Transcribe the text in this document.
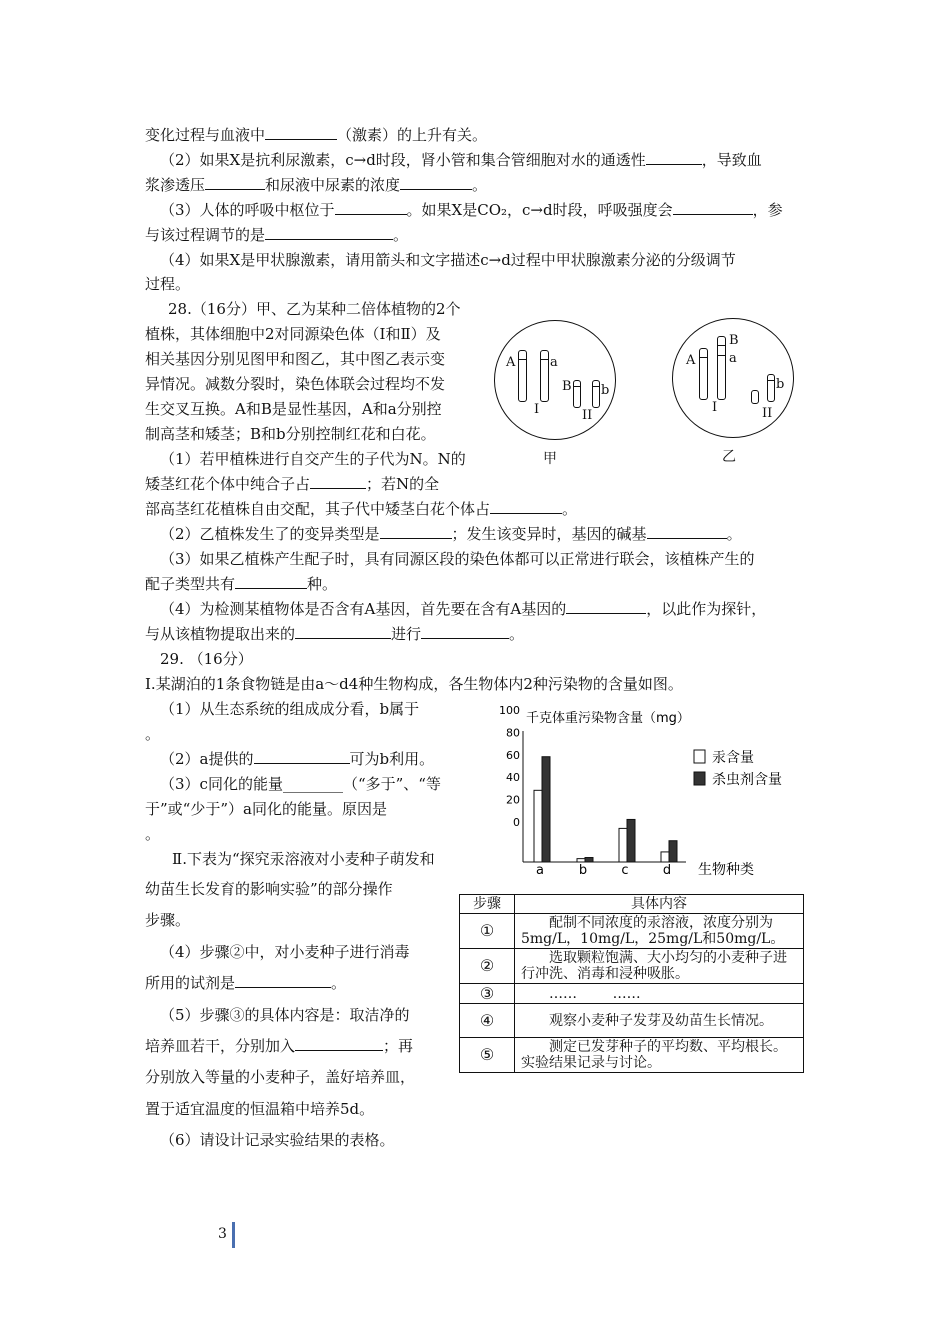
变化过程与血液中	（激素）的上升有关。
（2）如果X是抗利尿激素，c→d时段，肾小管和集合管细胞对水的通透性	，导致血
浆渗透压	和尿液中尿素的浓度	。
（3）人体的呼吸中枢位于	。如果X是CO₂，c→d时段，呼吸强度会	，参
与该过程调节的是	。
（4）如果X是甲状腺激素，请用箭头和文字描述c→d过程中甲状腺激素分泌的分级调节
过程。
28.（16分）甲、乙为某种二倍体植物的2个
植株，其体细胞中2对同源染色体（Ⅰ和Ⅱ）及
相关基因分别见图甲和图乙，其中图乙表示变
异情况。减数分裂时，染色体联会过程均不发
生交叉互换。A和B是显性基因，A和a分别控
制高茎和矮茎；B和b分别控制红花和白花。
（1）若甲植株进行自交产生的子代为N。N的
矮茎红花个体中纯合子占	；若N的全
部高茎红花植株自由交配，其子代中矮茎白花个体占	。
（2）乙植株发生了的变异类型是	；发生该变异时，基因的碱基	。
（3）如果乙植株产生配子时，具有同源区段的染色体都可以正常进行联会，该植株产生的
配子类型共有	种。
（4）为检测某植物体是否含有A基因，首先要在含有A基因的	，以此作为探针，
与从该植物提取出来的	进行	。
A	a
B b
I	II
甲
A
B
a
b
I	II
乙
29. （16分）
Ⅰ.某湖泊的1条食物链是由a～d4种生物构成，各生物体内2种污染物的含量如图。
（1）从生态系统的组成成分看，b属于
。
（2）a提供的	可为b利用。
（3）c同化的能量________（“多于”、“等
于”或“少于”）a同化的能量。原因是
。
Ⅱ.下表为“探究汞溶液对小麦种子萌发和
幼苗生长发育的影响实验”的部分操作
步骤。
（4）步骤②中，对小麦种子进行消毒
所用的试剂是	。
（5）步骤③的具体内容是：取洁净的
培养皿若干，分别加入	；再
分别放入等量的小麦种子，盖好培养皿，
置于适宜温度的恒温箱中培养5d。
（6）请设计记录实验结果的表格。
千克体重污染物含量（mg）
100
80
60
40
20
0
a	b	c	d 生物种类
汞含量
杀虫剂含量
步骤	具体内容
①	配制不同浓度的汞溶液，浓度分别为5mg/L，10mg/L，25mg/L和50mg/L。
②	选取颗粒饱满、大小均匀的小麦种子进行冲洗、消毒和浸种吸胀。
③	……        ……
④	观察小麦种子发芽及幼苗生长情况。
⑤	测定已发芽种子的平均数、平均根长。实验结果记录与讨论。
3
